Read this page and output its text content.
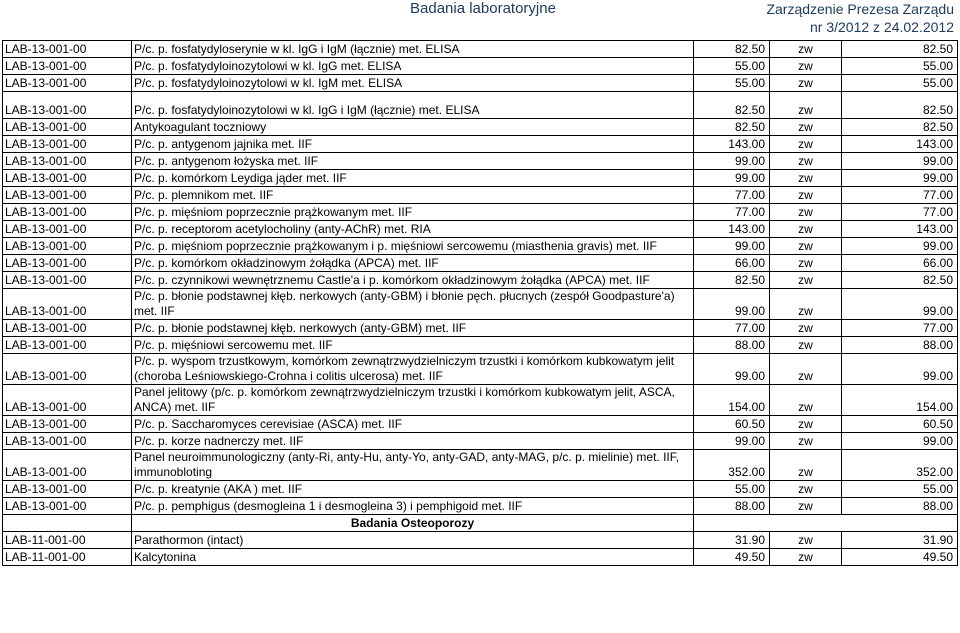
Badania laboratoryjne	Zarządzenie Prezesa Zarządu
nr 3/2012 z 24.02.2012
LAB-13-001-00	P/c. p. fosfatydyloserynie w kl. IgG i IgM (łącznie) met. ELISA	82.50	zw	82.50
LAB-13-001-00	P/c. p. fosfatydyloinozytolowi w kl. IgG met. ELISA	55.00	zw	55.00
LAB-13-001-00	P/c. p. fosfatydyloinozytolowi w kl. IgM met. ELISA	55.00	zw	55.00
LAB-13-001-00	P/c. p. fosfatydyloinozytolowi w kl. IgG i IgM (łącznie) met. ELISA	82.50	zw	82.50
LAB-13-001-00	Antykoagulant toczniowy	82.50	zw	82.50
LAB-13-001-00	P/c. p. antygenom jajnika met. IIF	143.00	zw	143.00
LAB-13-001-00	P/c. p. antygenom łożyska met. IIF	99.00	zw	99.00
LAB-13-001-00	P/c. p. komórkom Leydiga jąder met. IIF	99.00	zw	99.00
LAB-13-001-00	P/c. p. plemnikom met. IIF	77.00	zw	77.00
LAB-13-001-00	P/c. p. mięśniom poprzecznie prążkowanym met. IIF	77.00	zw	77.00
LAB-13-001-00	P/c. p. receptorom acetylocholiny (anty-AChR) met. RIA	143.00	zw	143.00
LAB-13-001-00	P/c. p. mięśniom poprzecznie prążkowanym i p. mięśniowi sercowemu (miasthenia gravis) met. IIF	99.00	zw	99.00
LAB-13-001-00	P/c. p. komórkom okładzinowym żołądka (APCA) met. IIF	66.00	zw	66.00
LAB-13-001-00	P/c. p. czynnikowi wewnętrznemu Castle'a i p. komórkom okładzinowym żołądka (APCA) met. IIF	82.50	zw	82.50
LAB-13-001-00	P/c. p. błonie podstawnej kłęb. nerkowych (anty-GBM) i błonie pęch. płucnych (zespół Goodpasture'a) met. IIF	99.00	zw	99.00
LAB-13-001-00	P/c. p. błonie podstawnej kłęb. nerkowych (anty-GBM) met. IIF	77.00	zw	77.00
LAB-13-001-00	P/c. p. mięśniowi sercowemu met. IIF	88.00	zw	88.00
LAB-13-001-00	P/c. p. wyspom trzustkowym, komórkom zewnątrzwydzielniczym trzustki i komórkom kubkowatym jelit (choroba Leśniowskiego-Crohna i colitis ulcerosa) met. IIF	99.00	zw	99.00
LAB-13-001-00	Panel jelitowy (p/c. p. komórkom zewnątrzwydzielniczym trzustki i komórkom kubkowatym jelit, ASCA, ANCA) met. IIF	154.00	zw	154.00
LAB-13-001-00	P/c. p. Saccharomyces cerevisiae (ASCA) met. IIF	60.50	zw	60.50
LAB-13-001-00	P/c. p. korze nadnerczy met. IIF	99.00	zw	99.00
LAB-13-001-00	Panel neuroimmunologiczny (anty-Ri, anty-Hu, anty-Yo, anty-GAD, anty-MAG, p/c. p. mielinie) met. IIF, immunobloting	352.00	zw	352.00
LAB-13-001-00	P/c. p. kreatynie (AKA ) met. IIF	55.00	zw	55.00
LAB-13-001-00	P/c. p. pemphigus (desmogleina 1 i desmogleina 3) i pemphigoid met. IIF	88.00	zw	88.00
	Badania Osteoporozy			
LAB-11-001-00	Parathormon (intact)	31.90	zw	31.90
LAB-11-001-00	Kalcytonina	49.50	zw	49.50
